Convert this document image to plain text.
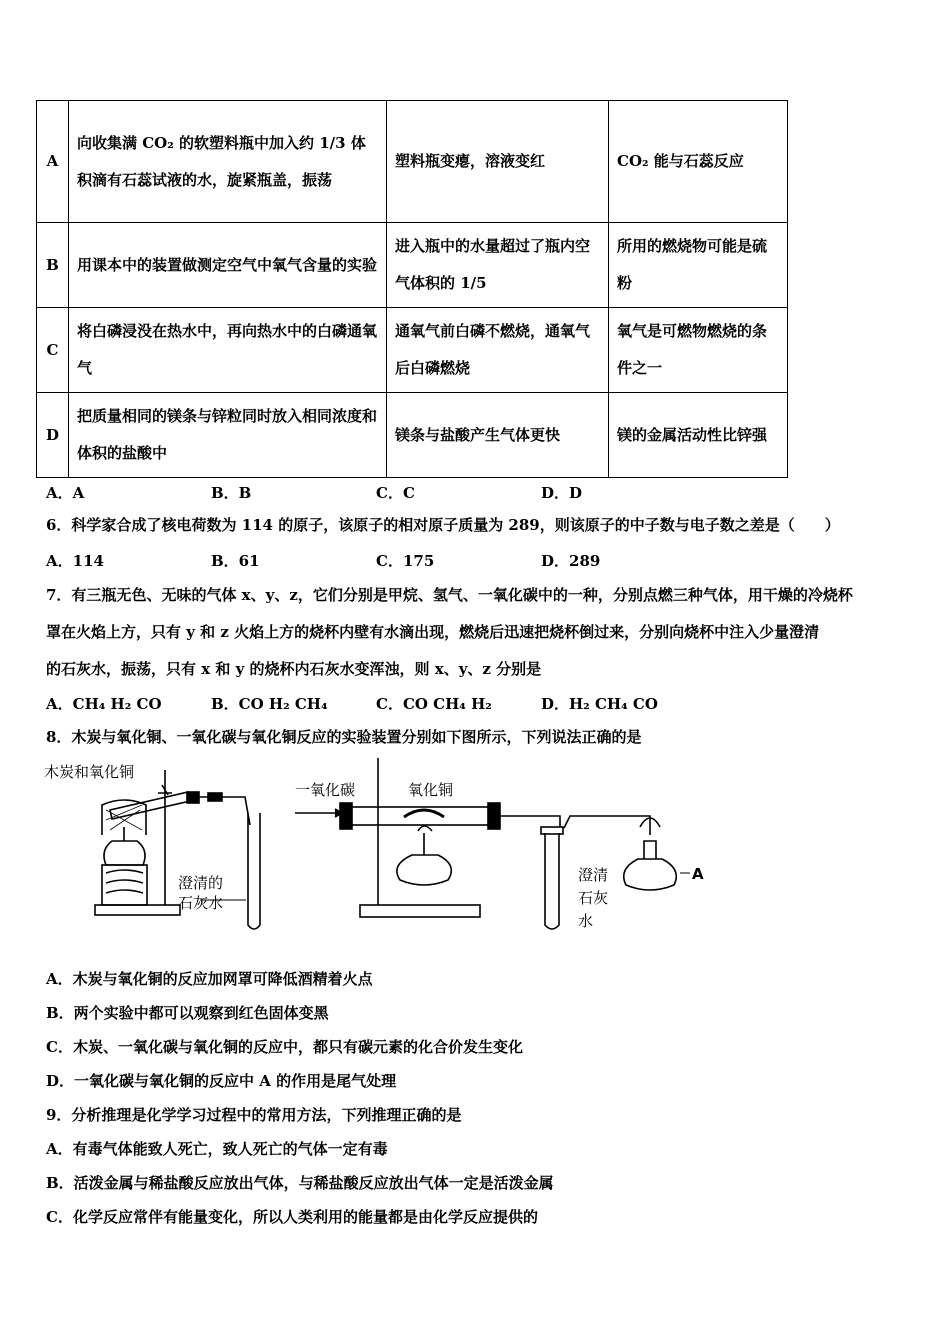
A	向收集满 CO₂ 的软塑料瓶中加入约 1/3 体积滴有石蕊试液的水，旋紧瓶盖，振荡	塑料瓶变瘪，溶液变红	CO₂ 能与石蕊反应
B	用课本中的装置做测定空气中氧气含量的实验	进入瓶中的水量超过了瓶内空气体积的 1/5	所用的燃烧物可能是硫粉
C	将白磷浸没在热水中，再向热水中的白磷通氧气	通氧气前白磷不燃烧，通氧气后白磷燃烧	氧气是可燃物燃烧的条件之一
D	把质量相同的镁条与锌粒同时放入相同浓度和体积的盐酸中	镁条与盐酸产生气体更快	镁的金属活动性比锌强
A．A	B．B	C．C	D．D
6．科学家合成了核电荷数为 114 的原子，该原子的相对原子质量为 289，则该原子的中子数与电子数之差是（　　）
A．114	B．61	C．175	D．289
7．有三瓶无色、无味的气体 x、y、z，它们分别是甲烷、氢气、一氧化碳中的一种，分别点燃三种气体，用干燥的冷烧杯
罩在火焰上方，只有 y 和 z 火焰上方的烧杯内壁有水滴出现，燃烧后迅速把烧杯倒过来，分别向烧杯中注入少量澄清
的石灰水，振荡，只有 x 和 y 的烧杯内石灰水变浑浊，则 x、y、z 分别是
A．CH₄ H₂ CO	B．CO H₂ CH₄	C．CO CH₄ H₂	D．H₂ CH₄ CO
8．木炭与氧化铜、一氧化碳与氧化铜反应的实验装置分别如下图所示，下列说法正确的是
木炭和氧化铜
澄清的
石灰水
一氧化碳	氧化铜
澄清
石灰
水
A
A．木炭与氧化铜的反应加网罩可降低酒精着火点
B．两个实验中都可以观察到红色固体变黑
C．木炭、一氧化碳与氧化铜的反应中，都只有碳元素的化合价发生变化
D．一氧化碳与氧化铜的反应中 A 的作用是尾气处理
9．分析推理是化学学习过程中的常用方法，下列推理正确的是
A．有毒气体能致人死亡，致人死亡的气体一定有毒
B．活泼金属与稀盐酸反应放出气体，与稀盐酸反应放出气体一定是活泼金属
C．化学反应常伴有能量变化，所以人类利用的能量都是由化学反应提供的
